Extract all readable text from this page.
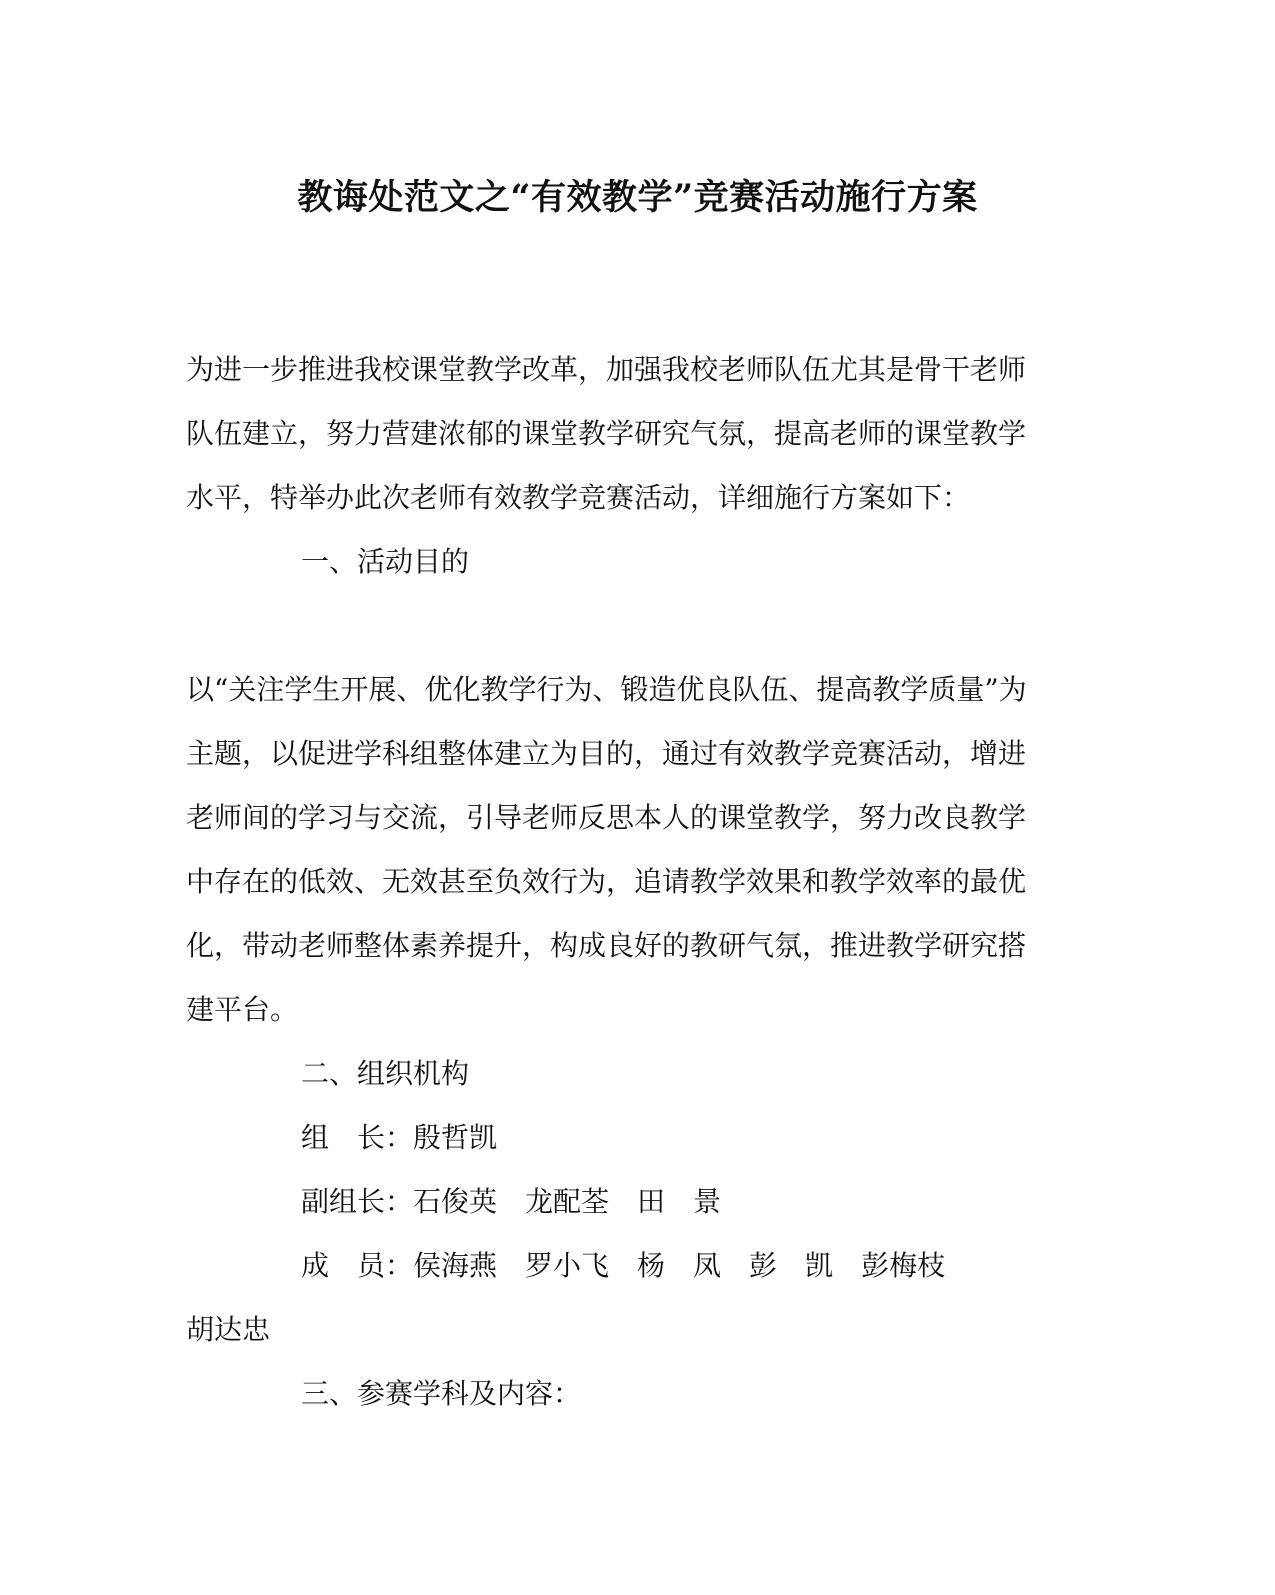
教诲处范文之“有效教学”竞赛活动施行方案
为进一步推进我校课堂教学改革，加强我校老师队伍尤其是骨干老师
队伍建立，努力营建浓郁的课堂教学研究气氛，提高老师的课堂教学
水平，特举办此次老师有效教学竞赛活动，详细施行方案如下：
一、活动目的
以“关注学生开展、优化教学行为、锻造优良队伍、提高教学质量”为
主题，以促进学科组整体建立为目的，通过有效教学竞赛活动，增进
老师间的学习与交流，引导老师反思本人的课堂教学，努力改良教学
中存在的低效、无效甚至负效行为，追请教学效果和教学效率的最优
化，带动老师整体素养提升，构成良好的教研气氛，推进教学研究搭
建平台。
二、组织机构
组　长：殷哲凯
副组长：石俊英 龙配荃 田　景
成　员：侯海燕 罗小飞 杨　凤 彭　凯 彭梅枝
胡达忠
三、参赛学科及内容：
